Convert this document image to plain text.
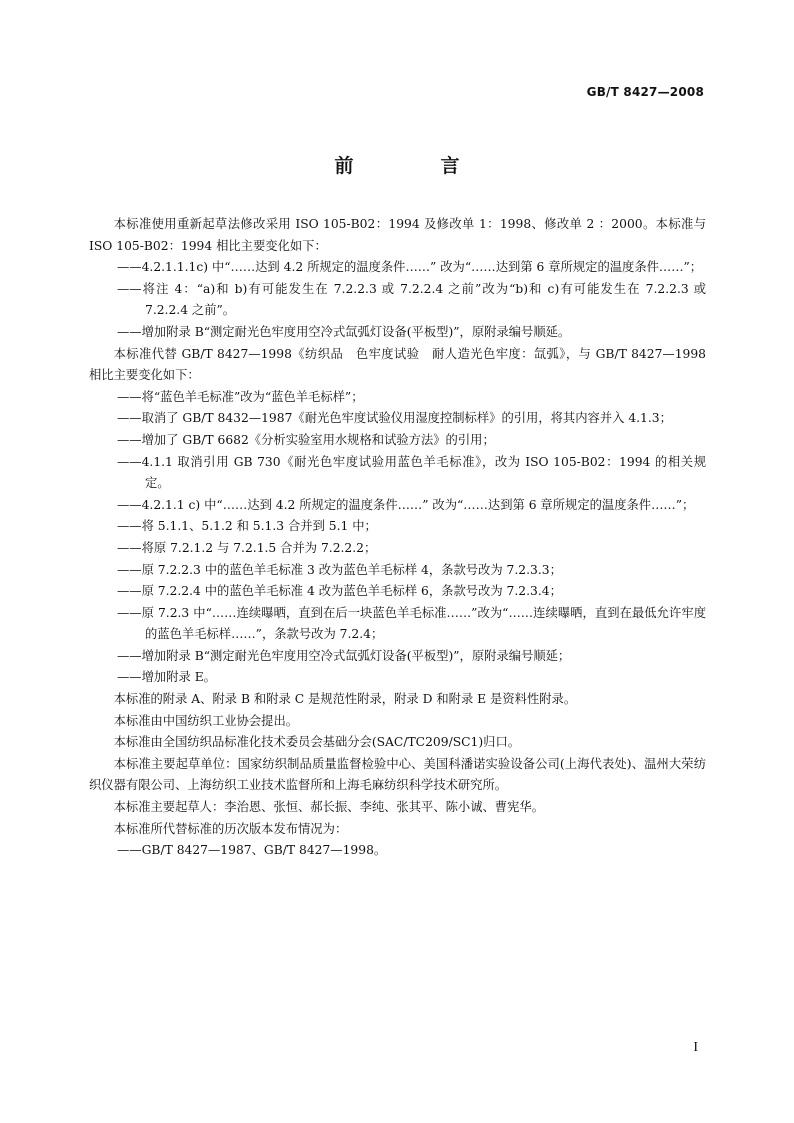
GB/T 8427—2008
前　言

本标准使用重新起草法修改采用 ISO 105-B02：1994 及修改单 1：1998、修改单 2 ：2000。本标准与 ISO 105-B02：1994 相比主要变化如下：

——4.2.1.1.1c) 中“……达到 4.2 所规定的温度条件……” 改为“……达到第 6 章所规定的温度条件……”；

——将注 4：“a)和 b)有可能发生在 7.2.2.3 或 7.2.2.4 之前”改为“b)和 c)有可能发生在 7.2.2.3 或 7.2.2.4 之前”。

——增加附录 B“测定耐光色牢度用空冷式氙弧灯设备(平板型)”，原附录编号顺延。

本标准代替 GB/T 8427—1998《纺织品　色牢度试验　耐人造光色牢度：氙弧》，与 GB/T 8427—1998 相比主要变化如下：

——将“蓝色羊毛标准”改为“蓝色羊毛标样”；

——取消了 GB/T 8432—1987《耐光色牢度试验仪用湿度控制标样》的引用，将其内容并入 4.1.3；

——增加了 GB/T 6682《分析实验室用水规格和试验方法》的引用；

——4.1.1 取消引用 GB 730《耐光色牢度试验用蓝色羊毛标准》，改为 ISO 105-B02：1994 的相关规定。

——4.2.1.1 c) 中“……达到 4.2 所规定的温度条件……” 改为“……达到第 6 章所规定的温度条件……”；

——将 5.1.1、5.1.2 和 5.1.3 合并到 5.1 中；

——将原 7.2.1.2 与 7.2.1.5 合并为 7.2.2.2；

——原 7.2.2.3 中的蓝色羊毛标准 3 改为蓝色羊毛标样 4，条款号改为 7.2.3.3；

——原 7.2.2.4 中的蓝色羊毛标准 4 改为蓝色羊毛标样 6，条款号改为 7.2.3.4；

——原 7.2.3 中“……连续曝晒，直到在后一块蓝色羊毛标准……”改为“……连续曝晒，直到在最低允许牢度的蓝色羊毛标样……”，条款号改为 7.2.4；

——增加附录 B“测定耐光色牢度用空冷式氙弧灯设备(平板型)”，原附录编号顺延；

——增加附录 E。

本标准的附录 A、附录 B 和附录 C 是规范性附录，附录 D 和附录 E 是资料性附录。

本标准由中国纺织工业协会提出。

本标准由全国纺织品标准化技术委员会基础分会(SAC/TC209/SC1)归口。

本标准主要起草单位：国家纺织制品质量监督检验中心、美国科潘诺实验设备公司(上海代表处)、温州大荣纺织仪器有限公司、上海纺织工业技术监督所和上海毛麻纺织科学技术研究所。

本标准主要起草人：李治恩、张恒、郝长振、李纯、张其平、陈小诚、曹宪华。

本标准所代替标准的历次版本发布情况为：

——GB/T 8427—1987、GB/T 8427—1998。

I
